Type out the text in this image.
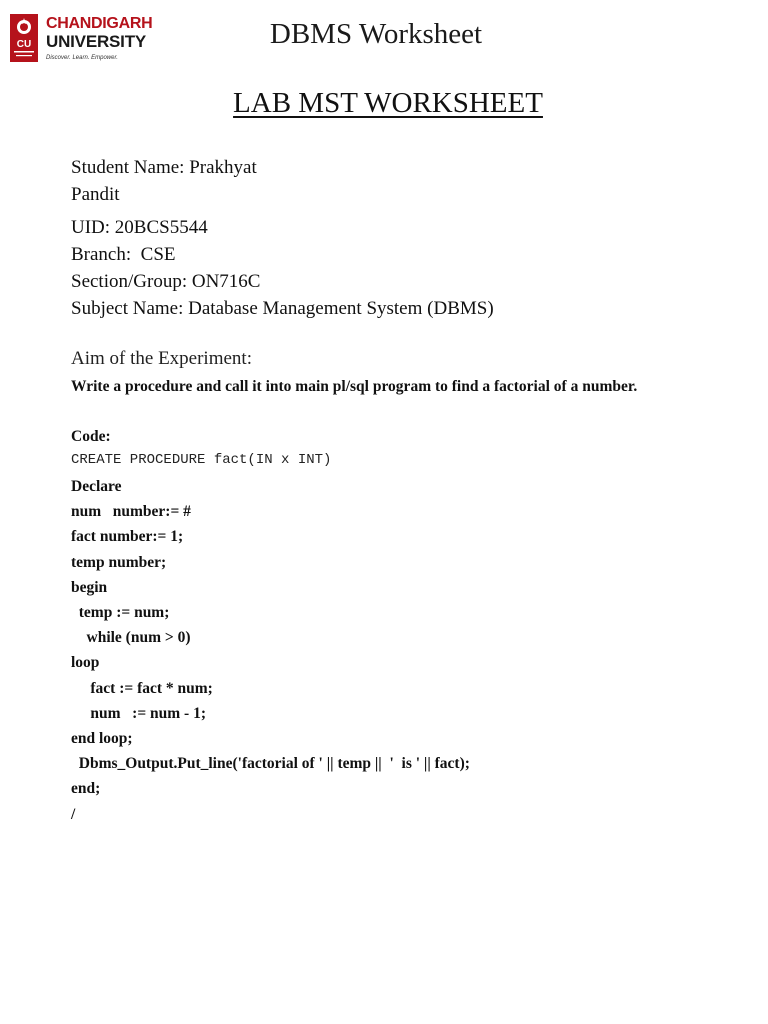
CU
CHANDIGARH
UNIVERSITY
Discover. Learn. Empower.
DBMS Worksheet
LAB MST WORKSHEET
Student Name: Prakhyat
Pandit
UID: 20BCS5544
Branch:  CSE
Section/Group: ON716C
Subject Name: Database Management System (DBMS)
Aim of the Experiment:
Write a procedure and call it into main pl/sql program to find a factorial of a number.
Code:
CREATE PROCEDURE fact(IN x INT)
Declare
num   number:= #
fact number:= 1;
temp number;
begin
temp := num;
while (num > 0)
loop
fact := fact * num;
num   := num - 1;
end loop;
Dbms_Output.Put_line('factorial of ' || temp ||  '  is ' || fact);
end;
/
